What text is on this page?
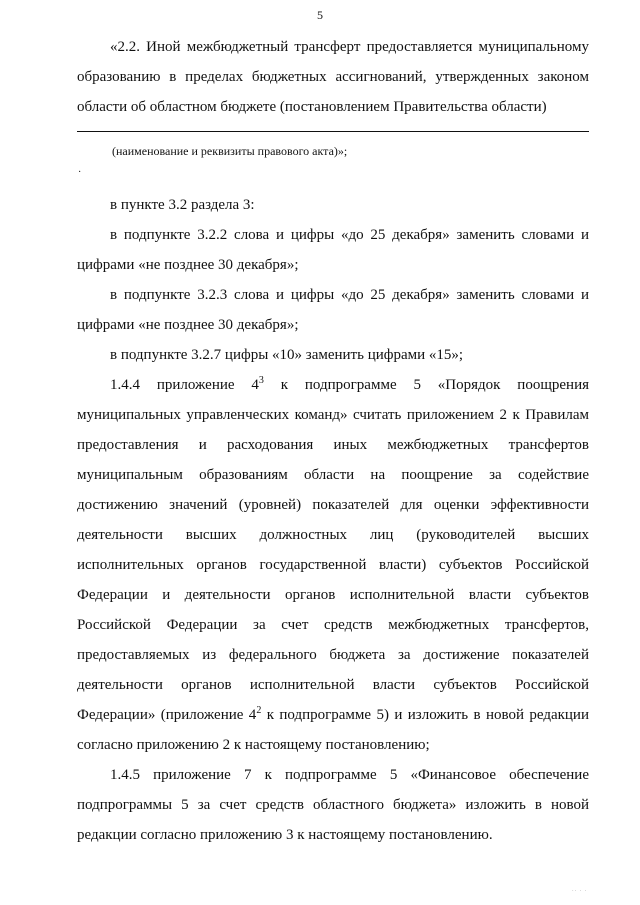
5

«2.2. Иной межбюджетный трансферт предоставляется муниципальному образованию в пределах бюджетных ассигнований, утвержденных законом области об областном бюджете (постановлением Правительства области)

(наименование и реквизиты правового акта)»;
·

в пункте 3.2 раздела 3:

в подпункте 3.2.2 слова и цифры «до 25 декабря» заменить словами и цифрами «не позднее 30 декабря»;

в подпункте 3.2.3 слова и цифры «до 25 декабря» заменить словами и цифрами «не позднее 30 декабря»;

в подпункте 3.2.7 цифры «10» заменить цифрами «15»;

1.4.4 приложение $4^3$ к подпрограмме 5 «Порядок поощрения муниципальных управленческих команд» считать приложением 2 к Правилам предоставления и расходования иных межбюджетных трансфертов муниципальным образованиям области на поощрение за содействие достижению значений (уровней) показателей для оценки эффективности деятельности высших должностных лиц (руководителей высших исполнительных органов государственной власти) субъектов Российской Федерации и деятельности органов исполнительной власти субъектов Российской Федерации за счет средств межбюджетных трансфертов, предоставляемых из федерального бюджета за достижение показателей деятельности органов исполнительной власти субъектов Российской Федерации» (приложение $4^2$ к подпрограмме 5) и изложить в новой редакции согласно приложению 2 к настоящему постановлению;

1.4.5 приложение 7 к подпрограмме 5 «Финансовое обеспечение подпрограммы 5 за счет средств областного бюджета» изложить в новой редакции согласно приложению 3 к настоящему постановлению.

·· · ·
